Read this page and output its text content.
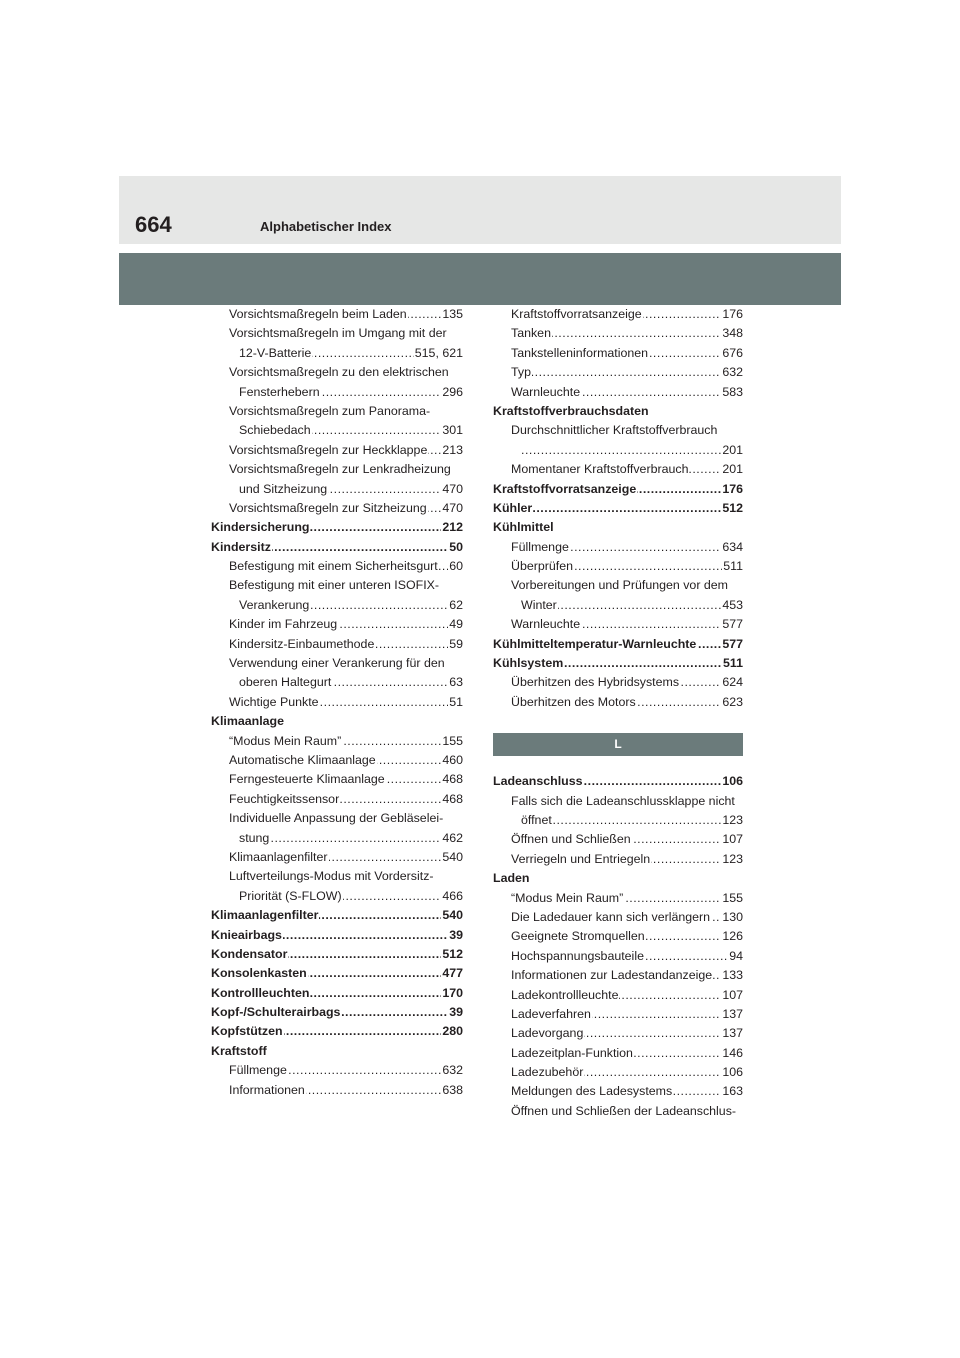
664	Alphabetischer Index
Vorsichtsmaßregeln beim Laden	135
.....
Vorsichtsmaßregeln im Umgang mit der
12-V-Batterie	515, 621
.....
Vorsichtsmaßregeln zu den elektrischen
Fensterhebern	296
.....
Vorsichtsmaßregeln zum Panorama-
Schiebedach	301
.....
Vorsichtsmaßregeln zur Heckklappe 213
.....
Vorsichtsmaßregeln zur Lenkradheizung
und Sitzheizung	470
.....
Vorsichtsmaßregeln zur Sitzheizung 470
.....
Kindersicherung	212
.....
Kindersitz	50
.....
Befestigung mit einem Sicherheitsgurt 60
.....
Befestigung mit einer unteren ISOFIX-
Verankerung	62
.....
Kinder im Fahrzeug	49
.....
Kindersitz-Einbaumethode	59
.....
Verwendung einer Verankerung für den
oberen Haltegurt	63
.....
Wichtige Punkte	51
.....
Klimaanlage
“Modus Mein Raum”	155
.....
Automatische Klimaanlage	460
.....
Ferngesteuerte Klimaanlage	468
.....
Feuchtigkeitssensor	468
.....
Individuelle Anpassung der Gebläselei-
stung	462
.....
Klimaanlagenfilter	540
.....
Luftverteilungs-Modus mit Vordersitz-
Priorität (S-FLOW)	466
.....
Klimaanlagenfilter	540
.....
Knieairbags	39
.....
Kondensator	512
.....
Konsolenkasten	477
.....
Kontrollleuchten	170
.....
Kopf-/Schulterairbags	39
.....
Kopfstützen	280
.....
Kraftstoff
Füllmenge	632
.....
Informationen	638
.....
Kraftstoffvorratsanzeige	176
.....
Tanken	348
.....
Tankstelleninformationen	676
.....
Typ	632
.....
Warnleuchte	583
.....
Kraftstoffverbrauchsdaten
Durchschnittlicher Kraftstoffverbrauch
201
.....
Momentaner Kraftstoffverbrauch	201
.....
Kraftstoffvorratsanzeige	176
.....
Kühler	512
.....
Kühlmittel
Füllmenge	634
.....
Überprüfen	511
.....
Vorbereitungen und Prüfungen vor dem
Winter	453
.....
Warnleuchte	577
.....
Kühlmitteltemperatur-Warnleuchte 577
.....
Kühlsystem	511
.....
Überhitzen des Hybridsystems	624
.....
Überhitzen des Motors	623
.....
L
Ladeanschluss	106
.....
Falls sich die Ladeanschlussklappe nicht
öffnet	123
.....
Öffnen und Schließen	107
.....
Verriegeln und Entriegeln	123
.....
Laden
“Modus Mein Raum”	155
.....
Die Ladedauer kann sich verlängern 130
.....
Geeignete Stromquellen	126
.....
Hochspannungsbauteile	94
.....
Informationen zur Ladestandanzeige 133
.....
Ladekontrollleuchte	107
.....
Ladeverfahren	137
.....
Ladevorgang	137
.....
Ladezeitplan-Funktion	146
.....
Ladezubehör	106
.....
Meldungen des Ladesystems	163
.....
Öffnen und Schließen der Ladeanschlus-
